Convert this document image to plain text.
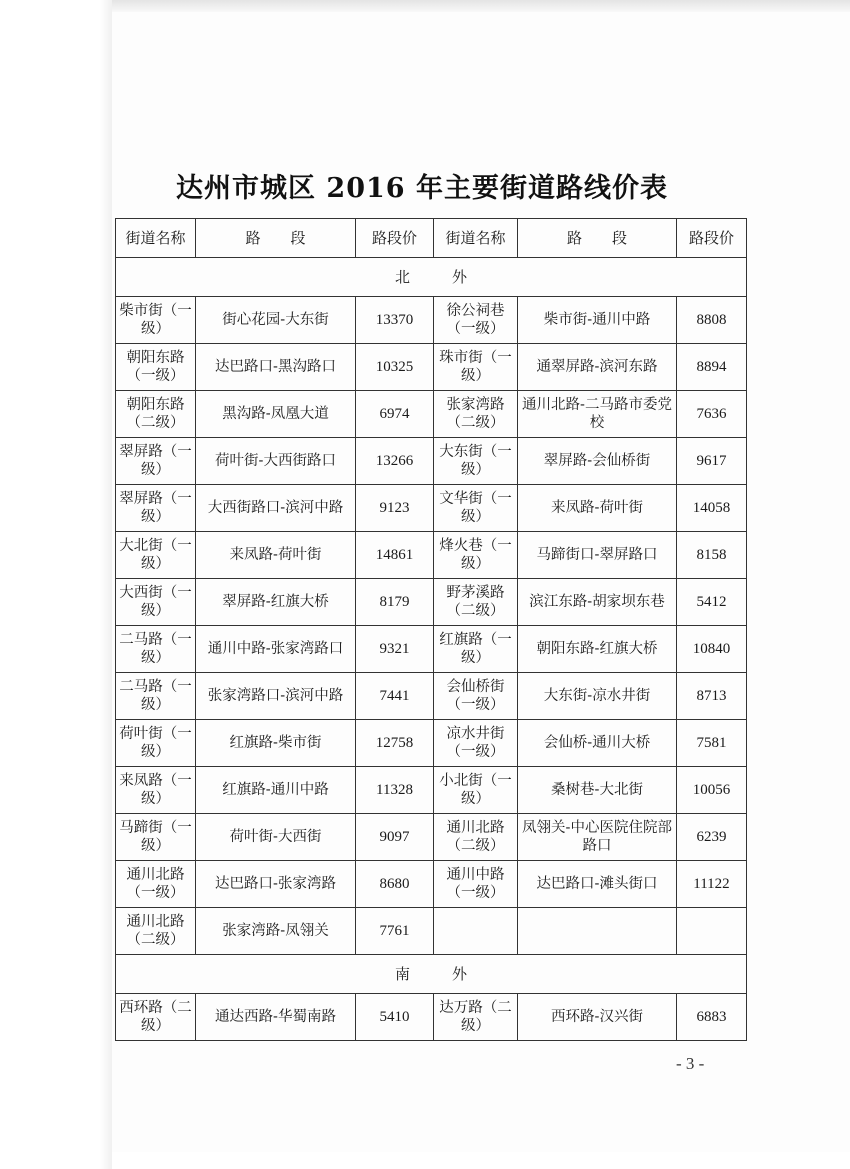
达州市城区 2016 年主要街道路线价表
街道名称	路　　段	路段价	街道名称	路　　段	路段价
北外					
柴市街（一级）	街心花园-大东街	13370	徐公祠巷（一级）	柴市街-通川中路	8808
朝阳东路（一级）	达巴路口-黑沟路口	10325	珠市街（一级）	通翠屏路-滨河东路	8894
朝阳东路（二级）	黑沟路-凤凰大道	6974	张家湾路（二级）	通川北路-二马路市委党校	7636
翠屏路（一级）	荷叶街-大西街路口	13266	大东街（一级）	翠屏路-会仙桥街	9617
翠屏路（一级）	大西街路口-滨河中路	9123	文华街（一级）	来凤路-荷叶街	14058
大北街（一级）	来凤路-荷叶街	14861	烽火巷（一级）	马蹄街口-翠屏路口	8158
大西街（一级）	翠屏路-红旗大桥	8179	野茅溪路（二级）	滨江东路-胡家坝东巷	5412
二马路（一级）	通川中路-张家湾路口	9321	红旗路（一级）	朝阳东路-红旗大桥	10840
二马路（一级）	张家湾路口-滨河中路	7441	会仙桥街（一级）	大东街-凉水井街	8713
荷叶街（一级）	红旗路-柴市街	12758	凉水井街（一级）	会仙桥-通川大桥	7581
来凤路（一级）	红旗路-通川中路	11328	小北街（一级）	桑树巷-大北街	10056
马蹄街（一级）	荷叶街-大西街	9097	通川北路（二级）	凤翎关-中心医院住院部路口	6239
通川北路（一级）	达巴路口-张家湾路	8680	通川中路（一级）	达巴路口-滩头街口	11122
通川北路（二级）	张家湾路-凤翎关	7761			
南外					
西环路（二级）	通达西路-华蜀南路	5410	达万路（二级）	西环路-汉兴街	6883
- 3 -
